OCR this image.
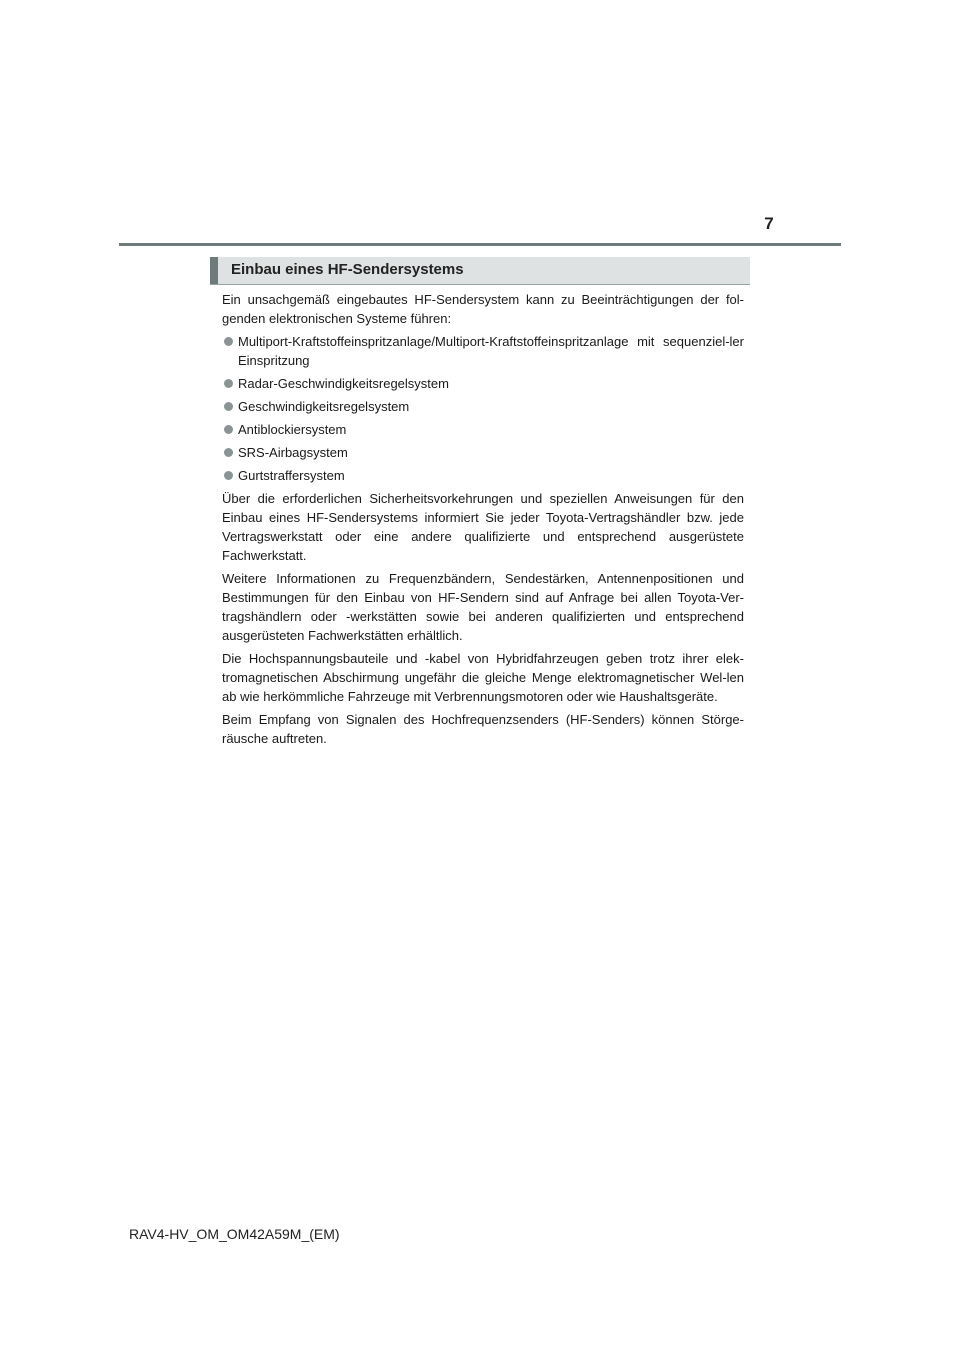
7
Einbau eines HF-Sendersystems

Ein unsachgemäß eingebautes HF-Sendersystem kann zu Beeinträchtigungen der fol-genden elektronischen Systeme führen:

Multiport-Kraftstoffeinspritzanlage/Multiport-Kraftstoffeinspritzanlage mit sequenziel-ler Einspritzung
Radar-Geschwindigkeitsregelsystem
Geschwindigkeitsregelsystem
Antiblockiersystem
SRS-Airbagsystem
Gurtstraffersystem

Über die erforderlichen Sicherheitsvorkehrungen und speziellen Anweisungen für den Einbau eines HF-Sendersystems informiert Sie jeder Toyota-Vertragshändler bzw. jede Vertragswerkstatt oder eine andere qualifizierte und entsprechend ausgerüstete Fachwerkstatt.

Weitere Informationen zu Frequenzbändern, Sendestärken, Antennenpositionen und Bestimmungen für den Einbau von HF-Sendern sind auf Anfrage bei allen Toyota-Ver-tragshändlern oder -werkstätten sowie bei anderen qualifizierten und entsprechend ausgerüsteten Fachwerkstätten erhältlich.

Die Hochspannungsbauteile und -kabel von Hybridfahrzeugen geben trotz ihrer elek-tromagnetischen Abschirmung ungefähr die gleiche Menge elektromagnetischer Wel-len ab wie herkömmliche Fahrzeuge mit Verbrennungsmotoren oder wie Haushaltsgeräte.

Beim Empfang von Signalen des Hochfrequenzsenders (HF-Senders) können Störge-räusche auftreten.

RAV4-HV_OM_OM42A59M_(EM)
